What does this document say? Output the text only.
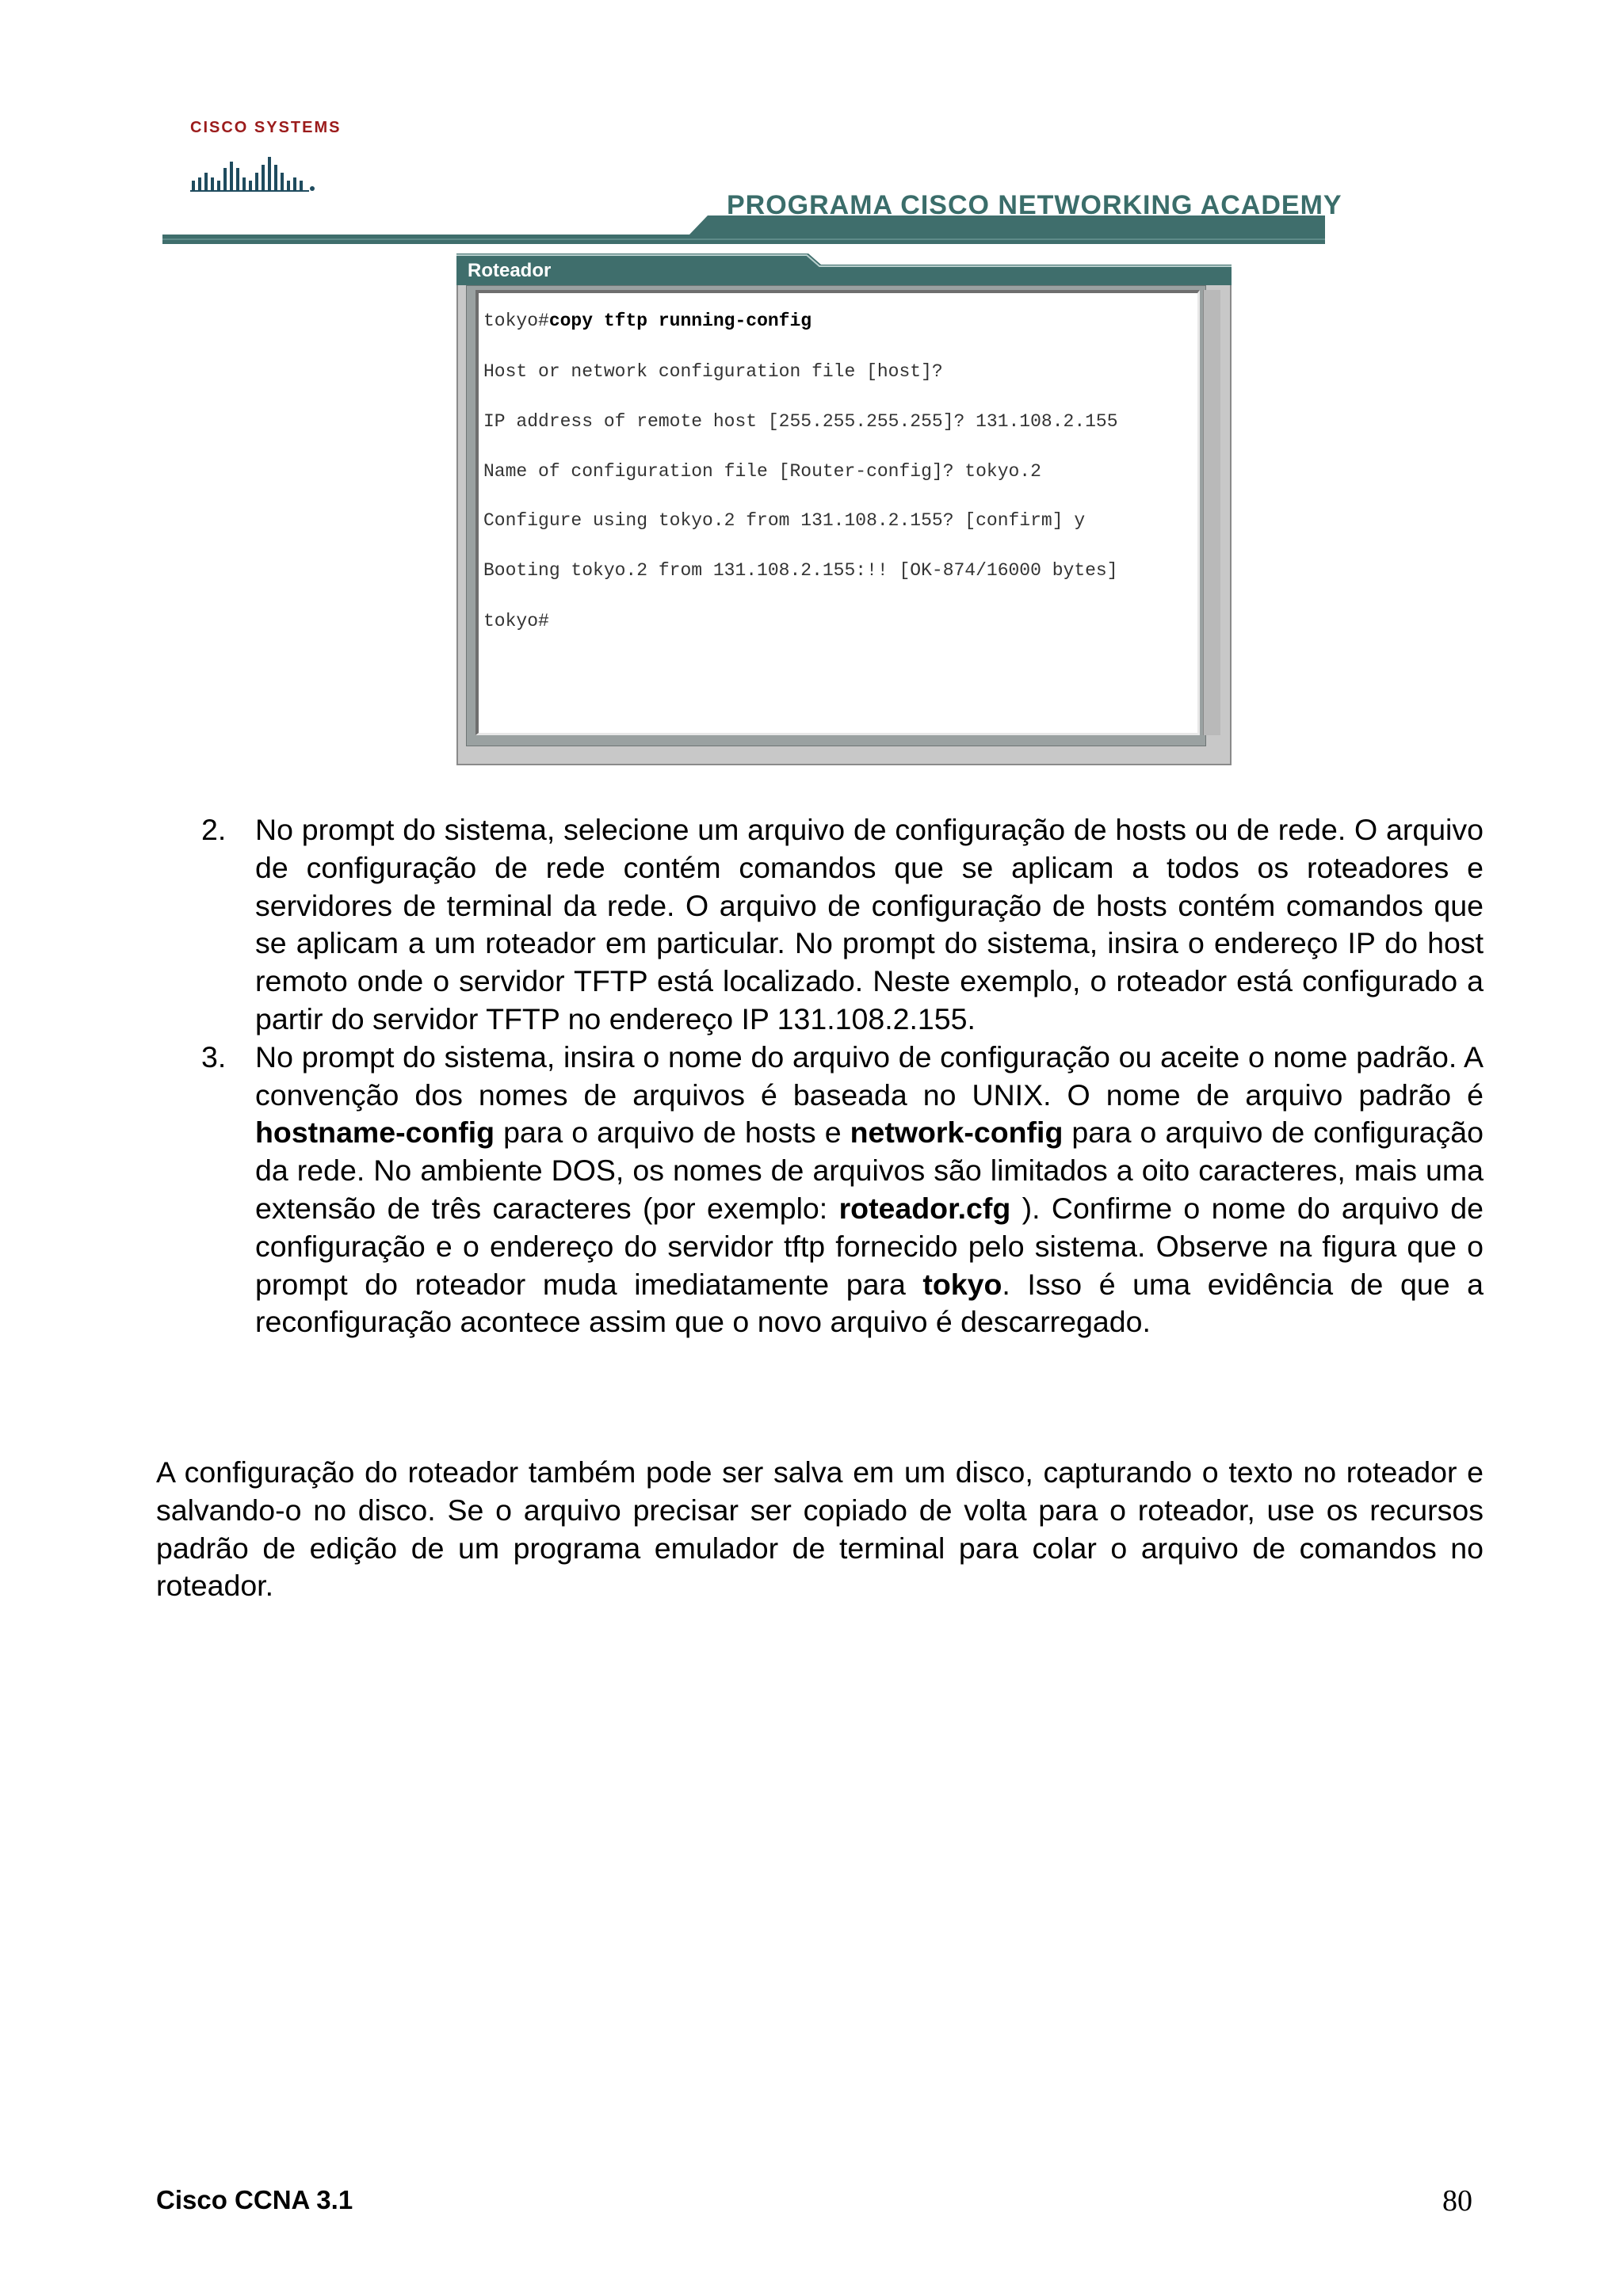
CISCO SYSTEMS
PROGRAMA CISCO NETWORKING ACADEMY
Roteador
tokyo#copy tftp running-config
Host or network configuration file [host]?
IP address of remote host [255.255.255.255]? 131.108.2.155
Name of configuration file [Router-config]? tokyo.2
Configure using tokyo.2 from 131.108.2.155? [confirm] y
Booting tokyo.2 from 131.108.2.155:!! [OK-874/16000 bytes]
tokyo#
2. No prompt do sistema, selecione um arquivo de configuração de hosts ou de rede. O arquivo de configuração de rede contém comandos que se aplicam a todos os roteadores e servidores de terminal da rede. O arquivo de configuração de hosts contém comandos que se aplicam a um roteador em particular. No prompt do sistema, insira o endereço IP do host remoto onde o servidor TFTP está localizado. Neste exemplo, o roteador está configurado a partir do servidor TFTP no endereço IP 131.108.2.155.
3. No prompt do sistema, insira o nome do arquivo de configuração ou aceite o nome padrão. A convenção dos nomes de arquivos é baseada no UNIX. O nome de arquivo padrão é hostname-config para o arquivo de hosts e network-config para o arquivo de configuração da rede. No ambiente DOS, os nomes de arquivos são limitados a oito caracteres, mais uma extensão de três caracteres (por exemplo: roteador.cfg ). Confirme o nome do arquivo de configuração e o endereço do servidor tftp fornecido pelo sistema. Observe na figura que o prompt do roteador muda imediatamente para tokyo. Isso é uma evidência de que a reconfiguração acontece assim que o novo arquivo é descarregado.
A configuração do roteador também pode ser salva em um disco, capturando o texto no roteador e salvando-o no disco. Se o arquivo precisar ser copiado de volta para o roteador, use os recursos padrão de edição de um programa emulador de terminal para colar o arquivo de comandos no roteador.
Cisco CCNA 3.1	80
